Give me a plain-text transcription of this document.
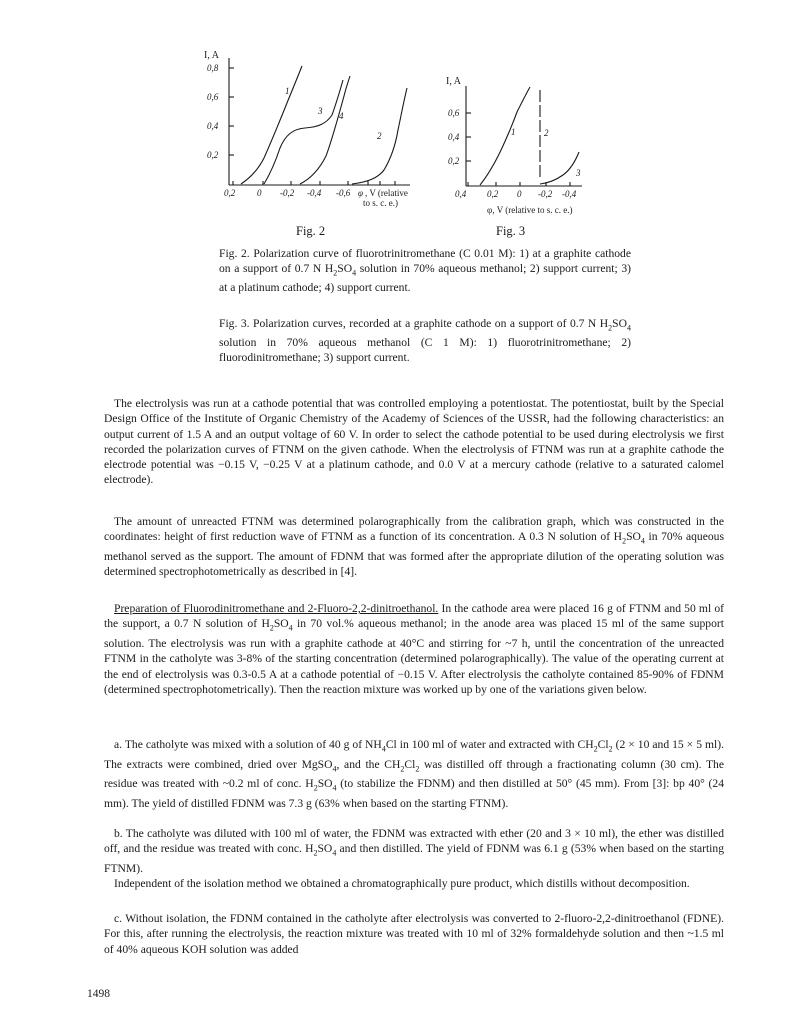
I, A
0,8
0,6
0,4
0,2
0,2 0 -0,2 -0,4 -0,6 φ , V (relative
to s. c. e.)
1
2
3 4
I, A
0,6
0,4
0,2
0,4 0,2 0 -0,2 -0,4
φ, V (relative to s. c. e.)
1	2
3
Fig. 2	Fig. 3
Fig. 2. Polarization curve of fluorotrinitromethane (C 0.01 M): 1) at a graphite cathode on a support of 0.7 N $H_2SO_4$ solution in 70% aqueous methanol; 2) support current; 3) at a platinum cathode; 4) support current.
Fig. 3. Polarization curves, recorded at a graphite cathode on a support of 0.7 N $H_2SO_4$ solution in 70% aqueous methanol (C 1 M): 1) fluorotrinitromethane; 2) fluorodinitromethane; 3) support current.

The electrolysis was run at a cathode potential that was controlled employing a potentiostat. The potentiostat, built by the Special Design Office of the Institute of Organic Chemistry of the Academy of Sciences of the USSR, had the following characteristics: an output current of 1.5 A and an output voltage of 60 V. In order to select the cathode potential to be used during electrolysis we first recorded the polarization curves of FTNM on the given cathode. When the electrolysis of FTNM was run at a graphite cathode the electrode potential was −0.15 V, −0.25 V at a platinum cathode, and 0.0 V at a mercury cathode (relative to a saturated calomel electrode).

The amount of unreacted FTNM was determined polarographically from the calibration graph, which was constructed in the coordinates: height of first reduction wave of FTNM as a function of its concentration. A 0.3 N solution of $H_2SO_4$ in 70% aqueous methanol served as the support. The amount of FDNM that was formed after the appropriate dilution of the operating solution was determined spectrophotometrically as described in [4].

Preparation of Fluorodinitromethane and 2-Fluoro-2,2-dinitroethanol. In the cathode area were placed 16 g of FTNM and 50 ml of the support, a 0.7 N solution of $H_2SO_4$ in 70 vol.% aqueous methanol; in the anode area was placed 15 ml of the same support solution. The electrolysis was run with a graphite cathode at 40°C and stirring for ~7 h, until the concentration of the unreacted FTNM in the catholyte was 3-8% of the starting concentration (determined polarographically). The value of the operating current at the end of electrolysis was 0.3-0.5 A at a cathode potential of −0.15 V. After electrolysis the catholyte contained 85-90% of FDNM (determined spectrophotometrically). Then the reaction mixture was worked up by one of the variations given below.

a. The catholyte was mixed with a solution of 40 g of $NH_4Cl$ in 100 ml of water and extracted with $CH_2Cl_2$ (2 × 10 and 15 × 5 ml). The extracts were combined, dried over MgSO$_4$, and the $CH_2Cl_2$ was distilled off through a fractionating column (30 cm). The residue was treated with ~0.2 ml of conc. $H_2SO_4$ (to stabilize the FDNM) and then distilled at 50° (45 mm). From [3]: bp 40° (24 mm). The yield of distilled FDNM was 7.3 g (63% when based on the starting FTNM).

b. The catholyte was diluted with 100 ml of water, the FDNM was extracted with ether (20 and 3 × 10 ml), the ether was distilled off, and the residue was treated with conc. $H_2SO_4$ and then distilled. The yield of FDNM was 6.1 g (53% when based on the starting FTNM).

Independent of the isolation method we obtained a chromatographically pure product, which distills without decomposition.

c. Without isolation, the FDNM contained in the catholyte after electrolysis was converted to 2-fluoro-2,2-dinitroethanol (FDNE). For this, after running the electrolysis, the reaction mixture was treated with 10 ml of 32% formaldehyde solution and then ~1.5 ml of 40% aqueous KOH solution was added

1498
